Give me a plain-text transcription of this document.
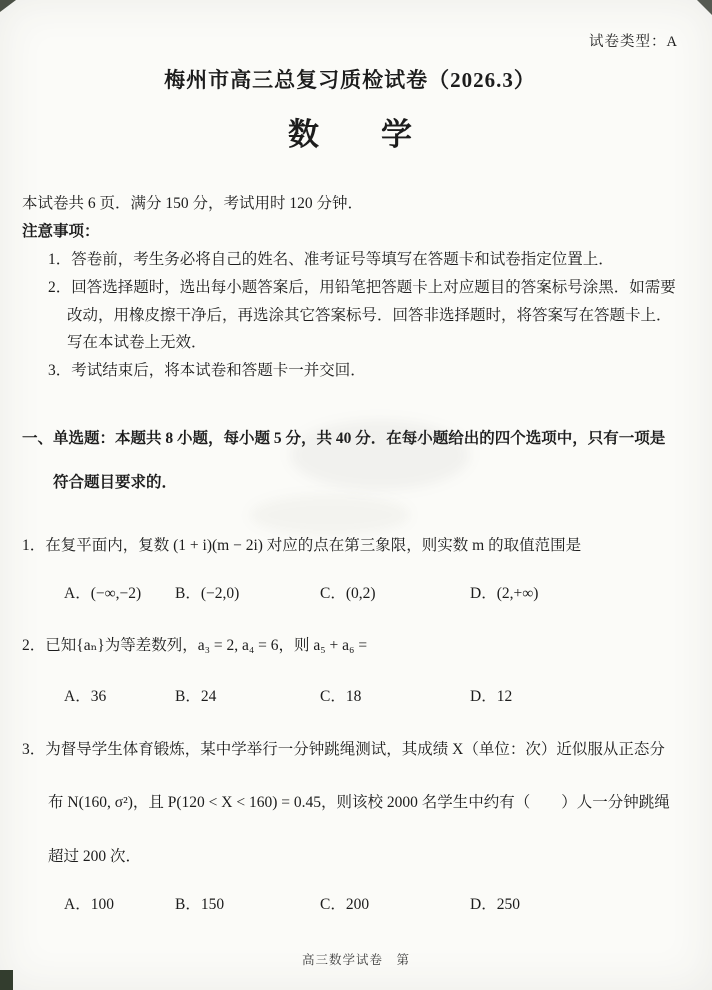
试卷类型：A
梅州市高三总复习质检试卷（2026.3）
数　　学

本试卷共 6 页．满分 150 分，考试用时 120 分钟．

注意事项：

1．答卷前，考生务必将自己的姓名、准考证号等填写在答题卡和试卷指定位置上．

2．回答选择题时，选出每小题答案后，用铅笔把答题卡上对应题目的答案标号涂黑．如需要改动，用橡皮擦干净后，再选涂其它答案标号．回答非选择题时，将答案写在答题卡上．写在本试卷上无效．

3．考试结束后，将本试卷和答题卡一并交回．

一、单选题：本题共 8 小题，每小题 5 分，共 40 分．在每小题给出的四个选项中，只有一项是符合题目要求的．

1．在复平面内，复数 (1 + i)(m − 2i) 对应的点在第三象限，则实数 m 的取值范围是

A．(−∞,−2)	B．(−2,0)	C．(0,2)	D．(2,+∞)

2．已知{aₙ}为等差数列，a₃ = 2, a₄ = 6，则 a₅ + a₆ =

A．36	B．24	C．18	D．12

3．为督导学生体育锻炼，某中学举行一分钟跳绳测试，其成绩 X（单位：次）近似服从正态分布 N(160, σ²)，且 P(120 < X < 160) = 0.45，则该校 2000 名学生中约有（　　）人一分钟跳绳超过 200 次．

A．100	B．150	C．200	D．250
高三数学试卷　第
